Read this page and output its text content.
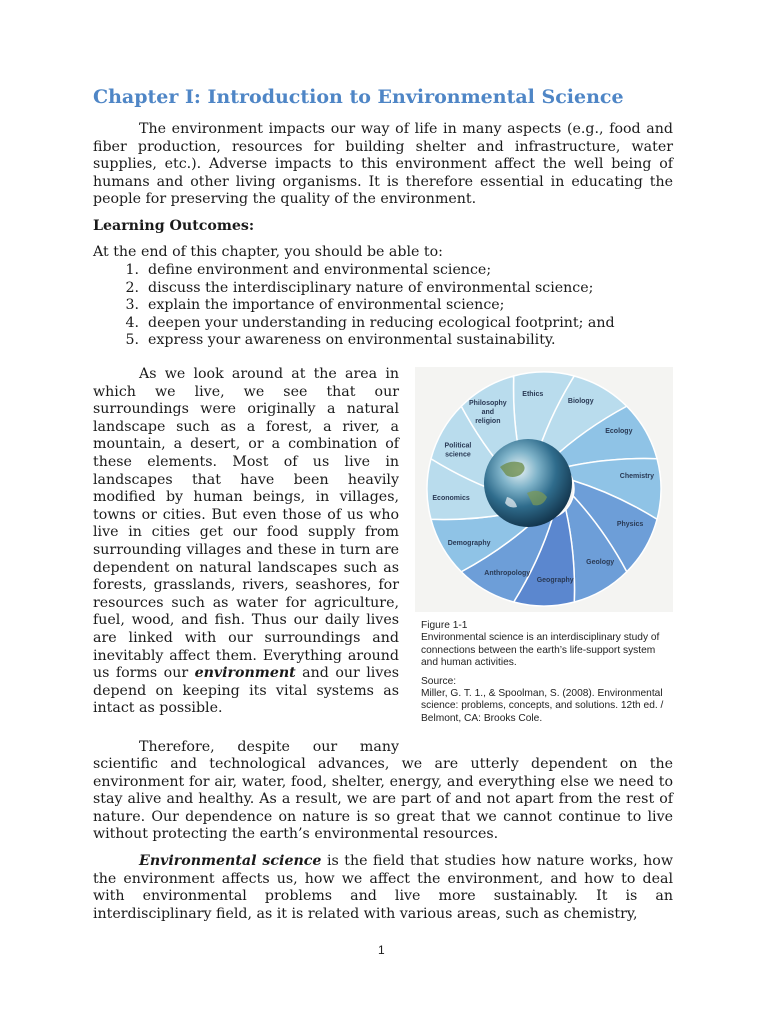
Chapter I: Introduction to Environmental Science

The environment impacts our way of life in many aspects (e.g., food and fiber production, resources for building shelter and infrastructure, water supplies, etc.). Adverse impacts to this environment affect the well being of humans and other living organisms. It is therefore essential in educating the people for preserving the quality of the environment.

Learning Outcomes:

At the end of this chapter, you should be able to:

1.
define environment and environmental science;
2.
discuss the interdisciplinary nature of environmental science;
3.
explain the importance of environmental science;
4.
deepen your understanding in reducing ecological footprint; and
5.
express your awareness on environmental sustainability.

As we look around at the area in which we live, we see that our surroundings were originally a natural landscape such as a forest, a river, a mountain, a desert, or a combination of these elements. Most of us live in landscapes that have been heavily modified by human beings, in villages, towns or cities. But even those of us who live in cities get our food supply from surrounding villages and these in turn are dependent on natural landscapes such as forests, grasslands, rivers, seashores, for resources such as water for agriculture, fuel, wood, and fish. Thus our daily lives are linked with our surroundings and inevitably affect them. Everything around us forms our environment and our lives depend on keeping its vital systems as intact as possible.

Ethics
Biology
Ecology
Chemistry
Physics
Geology
Geography
Anthropology
Demography
Economics
Political science
Philosophy and religion

Figure 1-1

Environmental science is an interdisciplinary study of connections between the earth’s life-support system and human activities.

Source:

Miller, G. T. 1., & Spoolman, S. (2008). Environmental science: problems, concepts, and solutions. 12th ed. / Belmont, CA: Brooks Cole.

Therefore, despite our many

scientific and technological advances, we are utterly dependent on the environment for air, water, food, shelter, energy, and everything else we need to stay alive and healthy. As a result, we are part of and not apart from the rest of nature. Our dependence on nature is so great that we cannot continue to live without protecting the earth’s environmental resources.

Environmental science is the field that studies how nature works, how the environment affects us, how we affect the environment, and how to deal with environmental problems and live more sustainably. It is an interdisciplinary field, as it is related with various areas, such as chemistry,

1
